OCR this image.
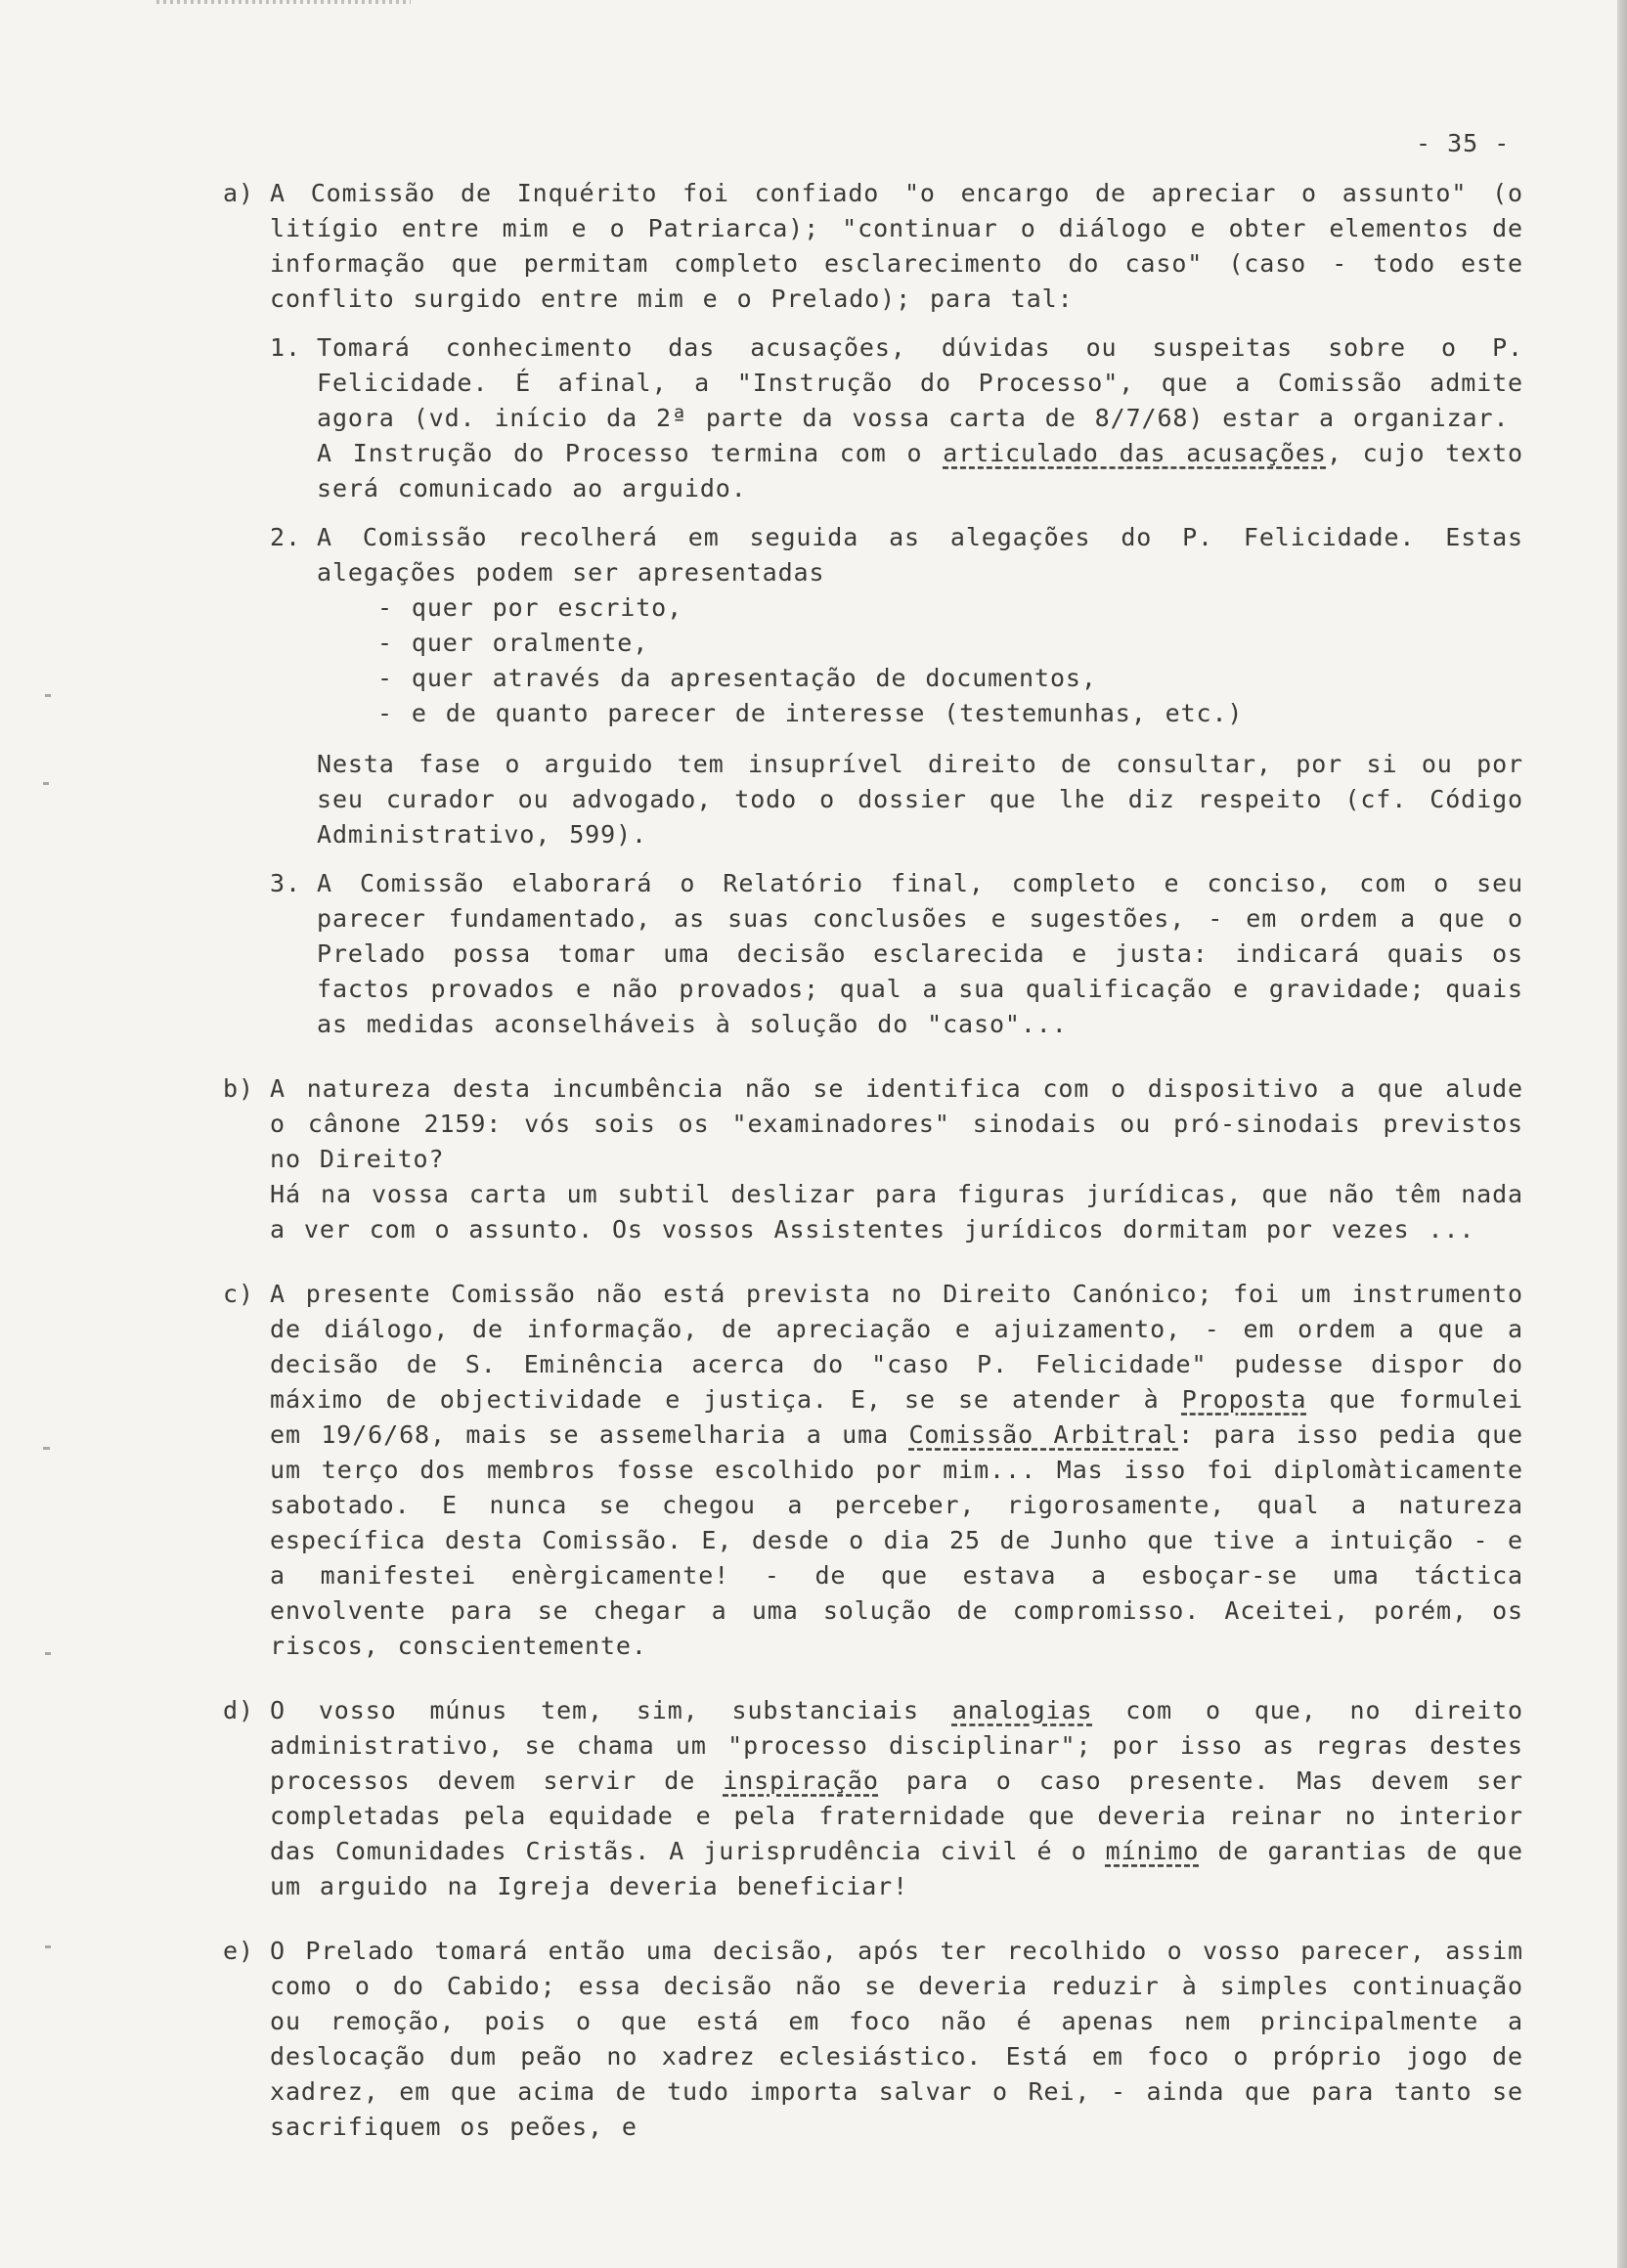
- 35 -
a) A Comissão de Inquérito foi confiado "o encargo de apreciar o assunto" (o litígio entre mim e o Patriarca); "continuar o diálogo e obter elementos de informação que permitam completo esclarecimento do caso" (caso - todo este conflito surgido entre mim e o Prelado); para tal:

1. Tomará conhecimento das acusações, dúvidas ou suspeitas sobre o P. Felicidade. É afinal, a "Instrução do Processo", que a Comissão admite agora (vd. início da 2ª parte da vossa carta de 8/7/68) estar a organizar.

A Instrução do Processo termina com o articulado das acusações, cujo texto será comunicado ao arguido.

2. A Comissão recolherá em seguida as alegações do P. Felicidade. Estas alegações podem ser apresentadas

- quer por escrito,
- quer oralmente,
- quer através da apresentação de documentos,
- e de quanto parecer de interesse (testemunhas, etc.)

Nesta fase o arguido tem insuprível direito de consultar, por si ou por seu curador ou advogado, todo o dossier que lhe diz respeito (cf. Código Administrativo, 599).

3. A Comissão elaborará o Relatório final, completo e conciso, com o seu parecer fundamentado, as suas conclusões e sugestões, - em ordem a que o Prelado possa tomar uma decisão esclarecida e justa: indicará quais os factos provados e não provados; qual a sua qualificação e gravidade; quais as medidas aconselháveis à solução do "caso"...

b) A natureza desta incumbência não se identifica com o dispositivo a que alude o cânone 2159: vós sois os "examinadores" sinodais ou pró-sinodais previstos no Direito?

Há na vossa carta um subtil deslizar para figuras jurídicas, que não têm nada a ver com o assunto. Os vossos Assistentes jurídicos dormitam por vezes ...

c) A presente Comissão não está prevista no Direito Canónico; foi um instrumento de diálogo, de informação, de apreciação e ajuizamento, - em ordem a que a decisão de S. Eminência acerca do "caso P. Felicidade" pudesse dispor do máximo de objectividade e justiça. E, se se atender à Proposta que formulei em 19/6/68, mais se assemelharia a uma Comissão Arbitral: para isso pedia que um terço dos membros fosse escolhido por mim... Mas isso foi diplomàticamente sabotado. E nunca se chegou a perceber, rigorosamente, qual a natureza específica desta Comissão. E, desde o dia 25 de Junho que tive a intuição - e a manifestei enèrgicamente! - de que estava a esboçar-se uma táctica envolvente para se chegar a uma solução de compromisso. Aceitei, porém, os riscos, conscientemente.

d) O vosso múnus tem, sim, substanciais analogias com o que, no direito administrativo, se chama um "processo disciplinar"; por isso as regras destes processos devem servir de inspiração para o caso presente. Mas devem ser completadas pela equidade e pela fraternidade que deveria reinar no interior das Comunidades Cristãs. A jurisprudência civil é o mínimo de garantias de que um arguido na Igreja deveria beneficiar!

e) O Prelado tomará então uma decisão, após ter recolhido o vosso parecer, assim como o do Cabido; essa decisão não se deveria reduzir à simples continuação ou remoção, pois o que está em foco não é apenas nem principalmente a deslocação dum peão no xadrez eclesiástico. Está em foco o próprio jogo de xadrez, em que acima de tudo importa salvar o Rei, - ainda que para tanto se sacrifiquem os peões, e
